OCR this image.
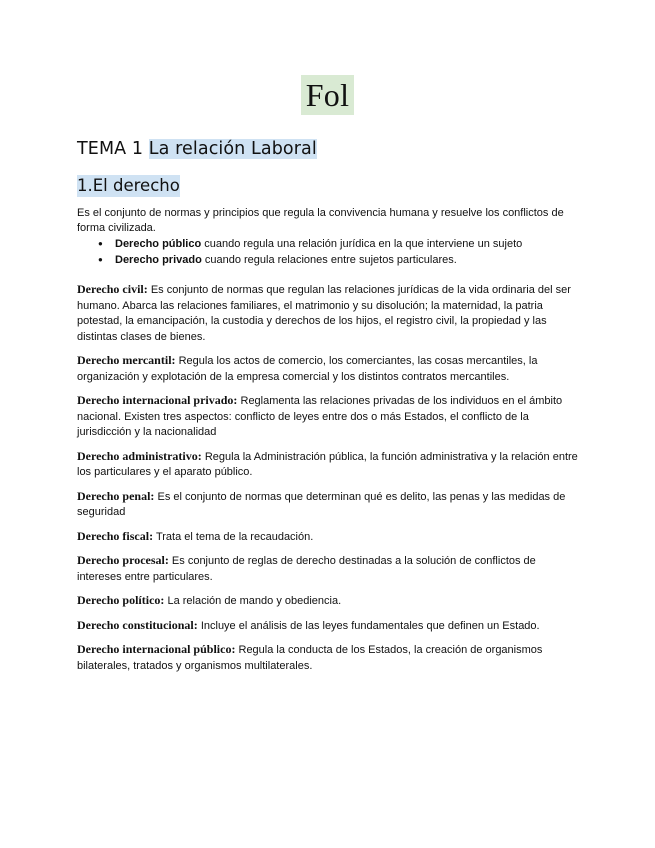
Fol
TEMA 1 La relación Laboral
1.El derecho
Es el conjunto de normas y principios que regula la convivencia humana y resuelve los conflictos de forma civilizada.
● Derecho público cuando regula una relación jurídica en la que interviene un sujeto
● Derecho privado cuando regula relaciones entre sujetos particulares.

Derecho civil: Es conjunto de normas que regulan las relaciones jurídicas de la vida ordinaria del ser humano. Abarca las relaciones familiares, el matrimonio y su disolución; la maternidad, la patria potestad, la emancipación, la custodia y derechos de los hijos, el registro civil, la propiedad y las distintas clases de bienes.

Derecho mercantil: Regula los actos de comercio, los comerciantes, las cosas mercantiles, la organización y explotación de la empresa comercial y los distintos contratos mercantiles.

Derecho internacional privado: Reglamenta las relaciones privadas de los individuos en el ámbito nacional. Existen tres aspectos: conflicto de leyes entre dos o más Estados, el conflicto de la jurisdicción y la nacionalidad

Derecho administrativo: Regula la Administración pública, la función administrativa y la relación entre los particulares y el aparato público.

Derecho penal: Es el conjunto de normas que determinan qué es delito, las penas y las medidas de seguridad

Derecho fiscal: Trata el tema de la recaudación.

Derecho procesal: Es conjunto de reglas de derecho destinadas a la solución de conflictos de intereses entre particulares.

Derecho político: La relación de mando y obediencia.

Derecho constitucional: Incluye el análisis de las leyes fundamentales que definen un Estado.

Derecho internacional público: Regula la conducta de los Estados, la creación de organismos bilaterales, tratados y organismos multilaterales.
